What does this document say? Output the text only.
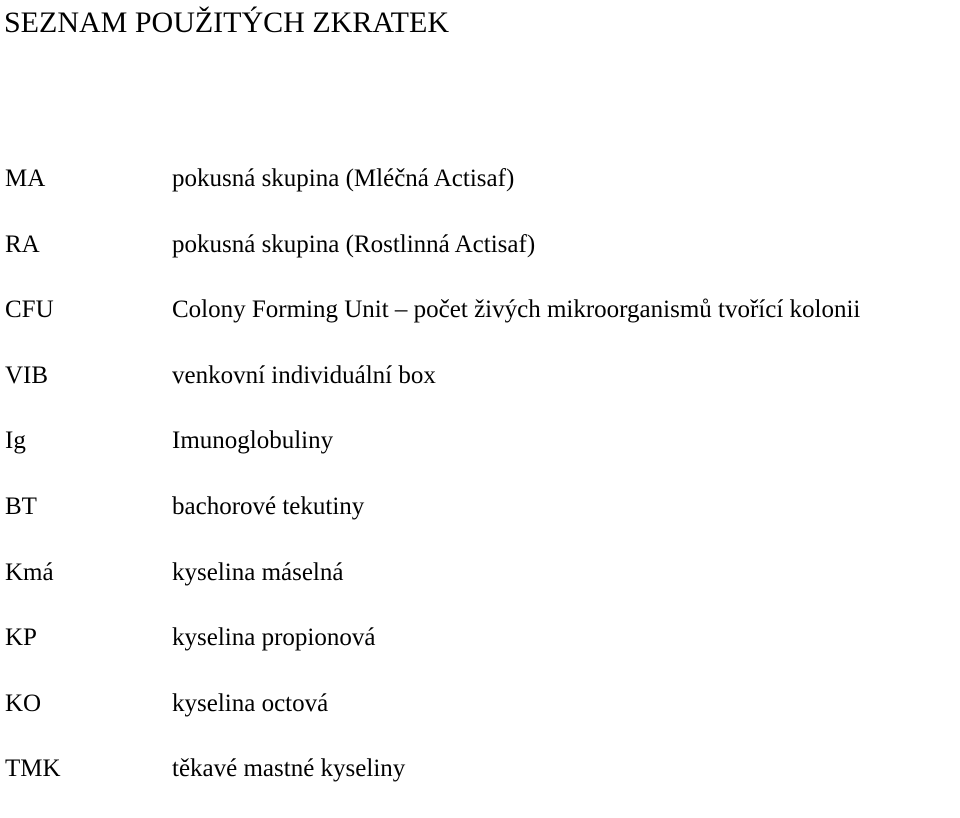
SEZNAM POUŽITÝCH ZKRATEK
MA	pokusná skupina (Mléčná Actisaf)
RA	pokusná skupina (Rostlinná Actisaf)
CFU	Colony Forming Unit – počet živých mikroorganismů tvořící kolonii
VIB	venkovní individuální box
Ig	Imunoglobuliny
BT	bachorové tekutiny
Kmá	kyselina máselná
KP	kyselina propionová
KO	kyselina octová
TMK	těkavé mastné kyseliny
